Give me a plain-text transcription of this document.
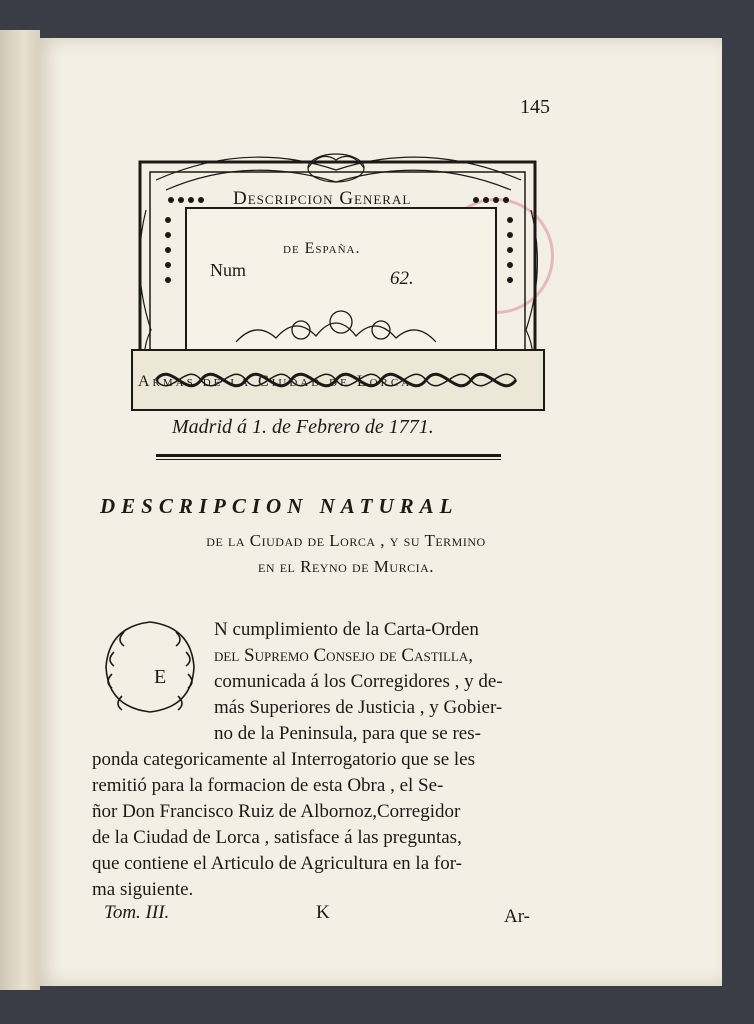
145
Descripcion General
de España.
Num	62.
Armas de la Ciudad de Lorca.
Madrid á 1. de Febrero de 1771.
DESCRIPCION NATURAL
de la Ciudad de Lorca , y su Termino
en el Reyno de Murcia.
E
N cumplimiento de la Carta-Orden
del Supremo Consejo de Castilla,
comunicada á los Corregidores , y de-
más Superiores de Justicia , y Gobier-
no de la Peninsula, para que se res-
ponda categoricamente al Interrogatorio que se les
remitió para la formacion de esta Obra , el Se-
ñor Don Francisco Ruiz de Albornoz,Corregidor
de la Ciudad de Lorca , satisface á las preguntas,
que contiene el Articulo de Agricultura en la for-
ma siguiente.
Tom. III.	K	Ar-
